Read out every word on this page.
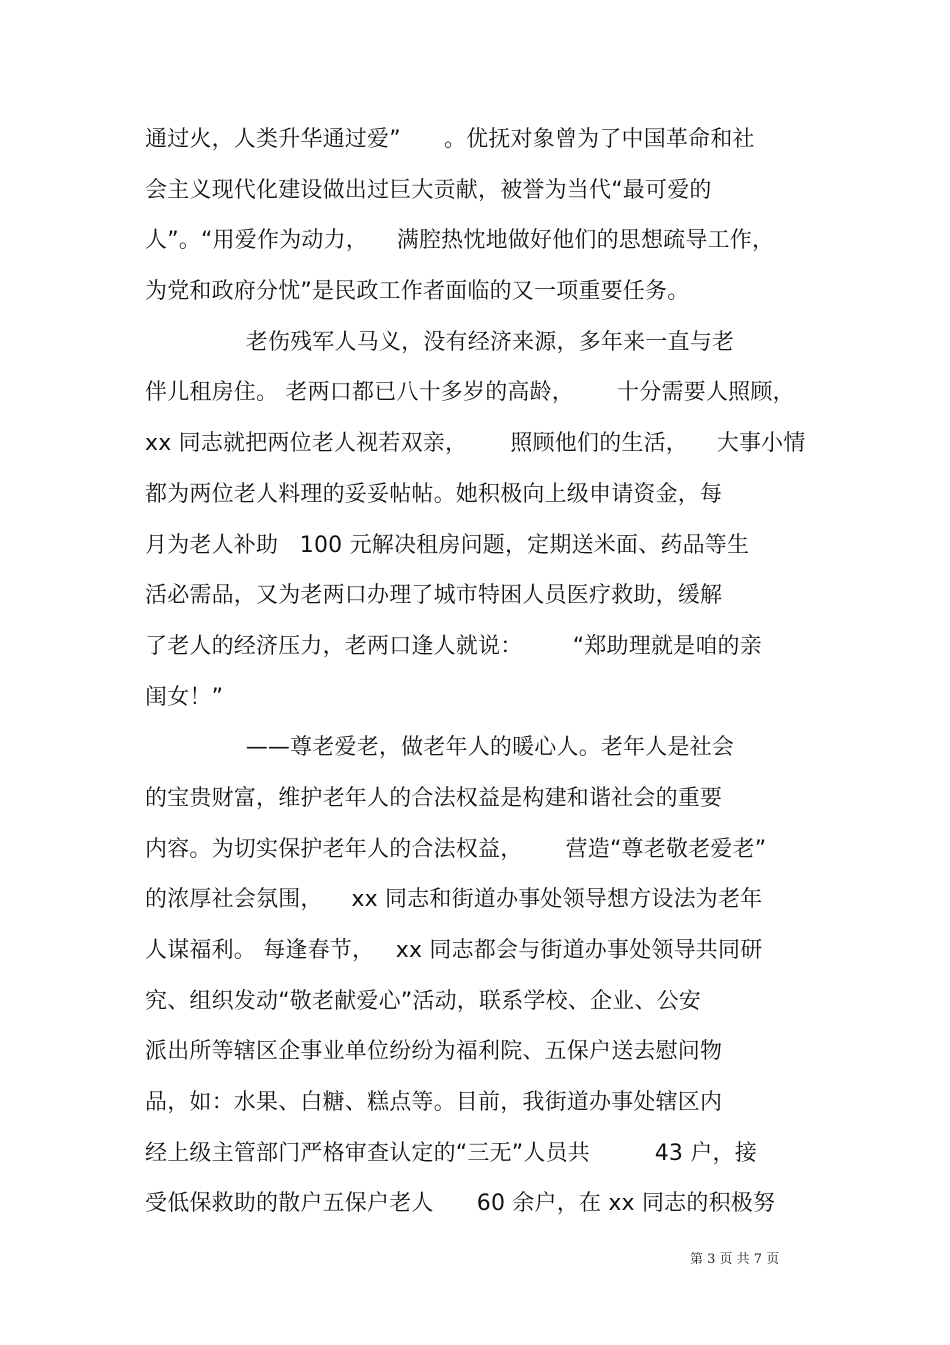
通过火，人类升华通过爱”      。优抚对象曾为了中国革命和社
会主义现代化建设做出过巨大贡献，被誉为当代“最可爱的
人”。“用爱作为动力，    满腔热忱地做好他们的思想疏导工作，
为党和政府分忧”是民政工作者面临的又一项重要任务。
老伤残军人马义，没有经济来源，多年来一直与老
伴儿租房住。 老两口都已八十多岁的高龄，      十分需要人照顾，
xx 同志就把两位老人视若双亲，      照顾他们的生活，    大事小情
都为两位老人料理的妥妥帖帖。她积极向上级申请资金，每
月为老人补助   100 元解决租房问题，定期送米面、药品等生
活必需品，又为老两口办理了城市特困人员医疗救助，缓解
了老人的经济压力，老两口逢人就说：       “郑助理就是咱的亲
闺女！”
——尊老爱老，做老年人的暖心人。老年人是社会
的宝贵财富，维护老年人的合法权益是构建和谐社会的重要
内容。为切实保护老年人的合法权益，      营造“尊老敬老爱老”
的浓厚社会氛围，    xx 同志和街道办事处领导想方设法为老年
人谋福利。 每逢春节，   xx 同志都会与街道办事处领导共同研
究、组织发动“敬老献爱心”活动，联系学校、企业、公安
派出所等辖区企事业单位纷纷为福利院、五保户送去慰问物
品，如：水果、白糖、糕点等。目前，我街道办事处辖区内
经上级主管部门严格审查认定的“三无”人员共         43 户，接
受低保救助的散户五保户老人      60 余户，在 xx 同志的积极努
第 3 页 共 7 页
